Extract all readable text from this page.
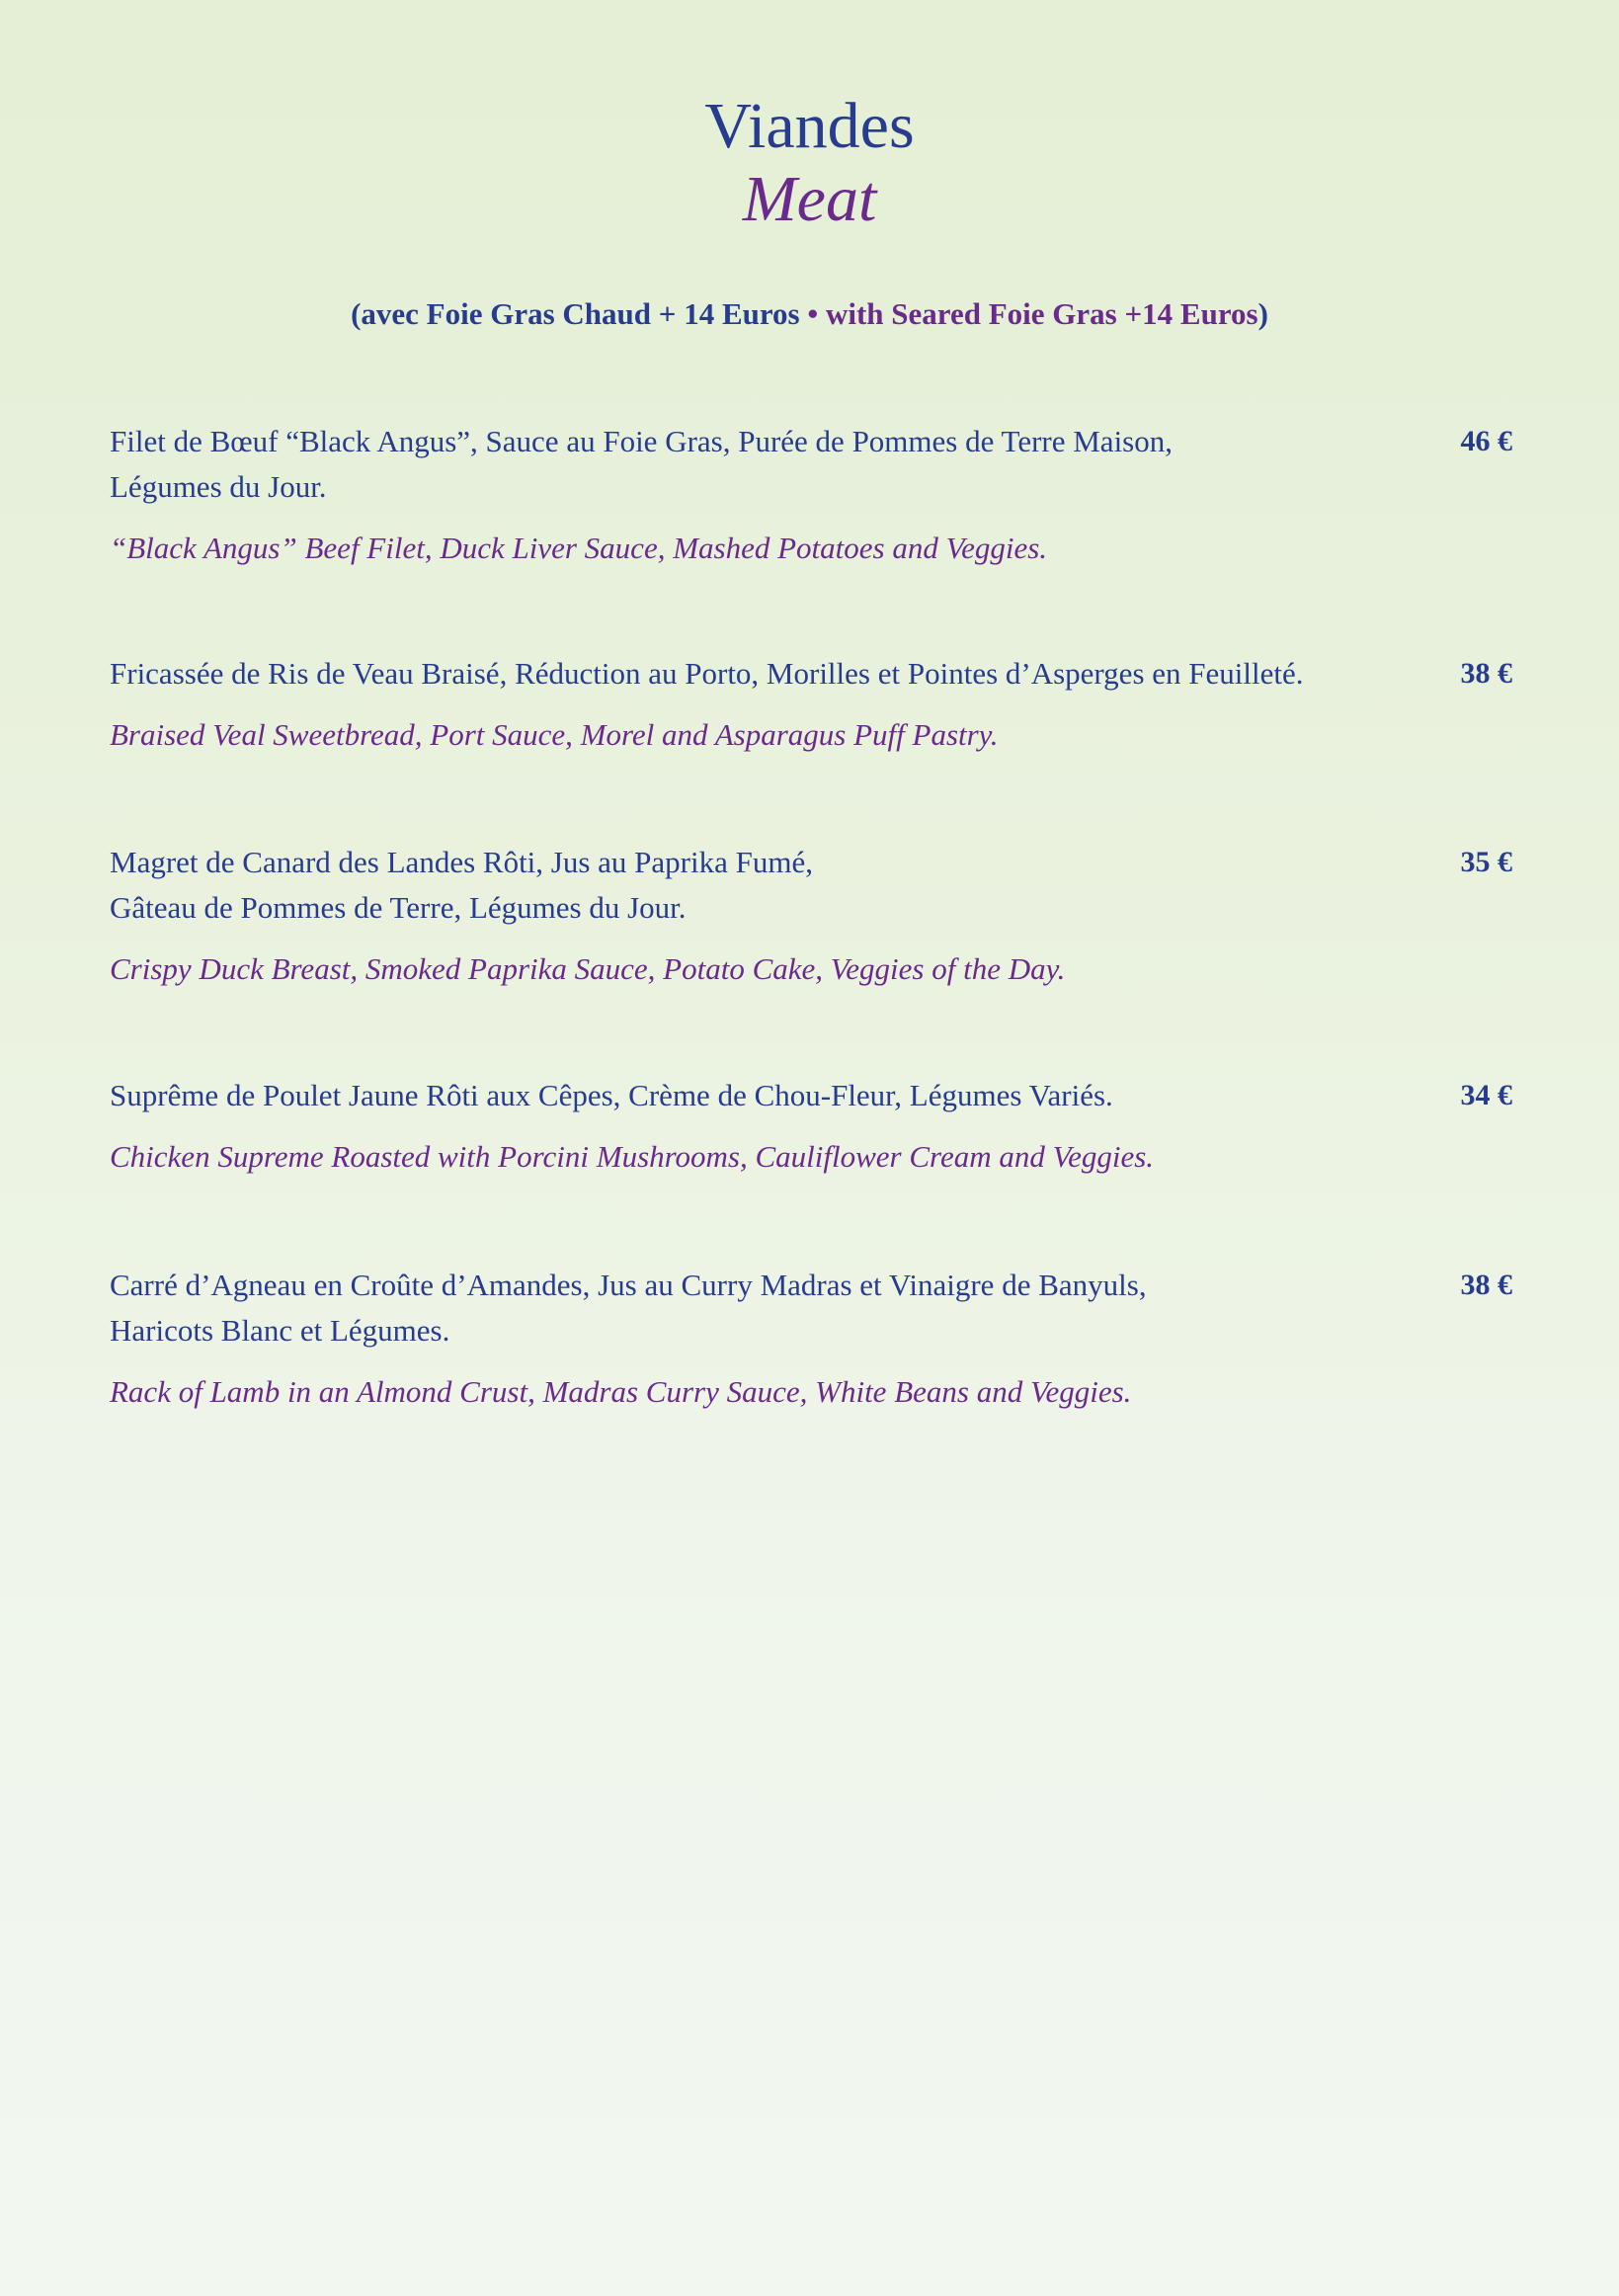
Viandes
Meat
(avec Foie Gras Chaud + 14 Euros • with Seared Foie Gras +14 Euros)
Filet de Bœuf “Black Angus”, Sauce au Foie Gras, Purée de Pommes de Terre Maison,
Légumes du Jour.
“Black Angus” Beef Filet, Duck Liver Sauce, Mashed Potatoes and Veggies.
46 €
Fricassée de Ris de Veau Braisé, Réduction au Porto, Morilles et Pointes d’Asperges en Feuilleté.
Braised Veal Sweetbread, Port Sauce, Morel and Asparagus Puff Pastry.
38 €
Magret de Canard des Landes Rôti, Jus au Paprika Fumé,
Gâteau de Pommes de Terre, Légumes du Jour.
Crispy Duck Breast, Smoked Paprika Sauce, Potato Cake, Veggies of the Day.
35 €
Suprême de Poulet Jaune Rôti aux Cêpes, Crème de Chou-Fleur, Légumes Variés.
Chicken Supreme Roasted with Porcini Mushrooms, Cauliflower Cream and Veggies.
34 €
Carré d’Agneau en Croûte d’Amandes, Jus au Curry Madras et Vinaigre de Banyuls,
Haricots Blanc et Légumes.
Rack of Lamb in an Almond Crust, Madras Curry Sauce, White Beans and Veggies.
38 €
